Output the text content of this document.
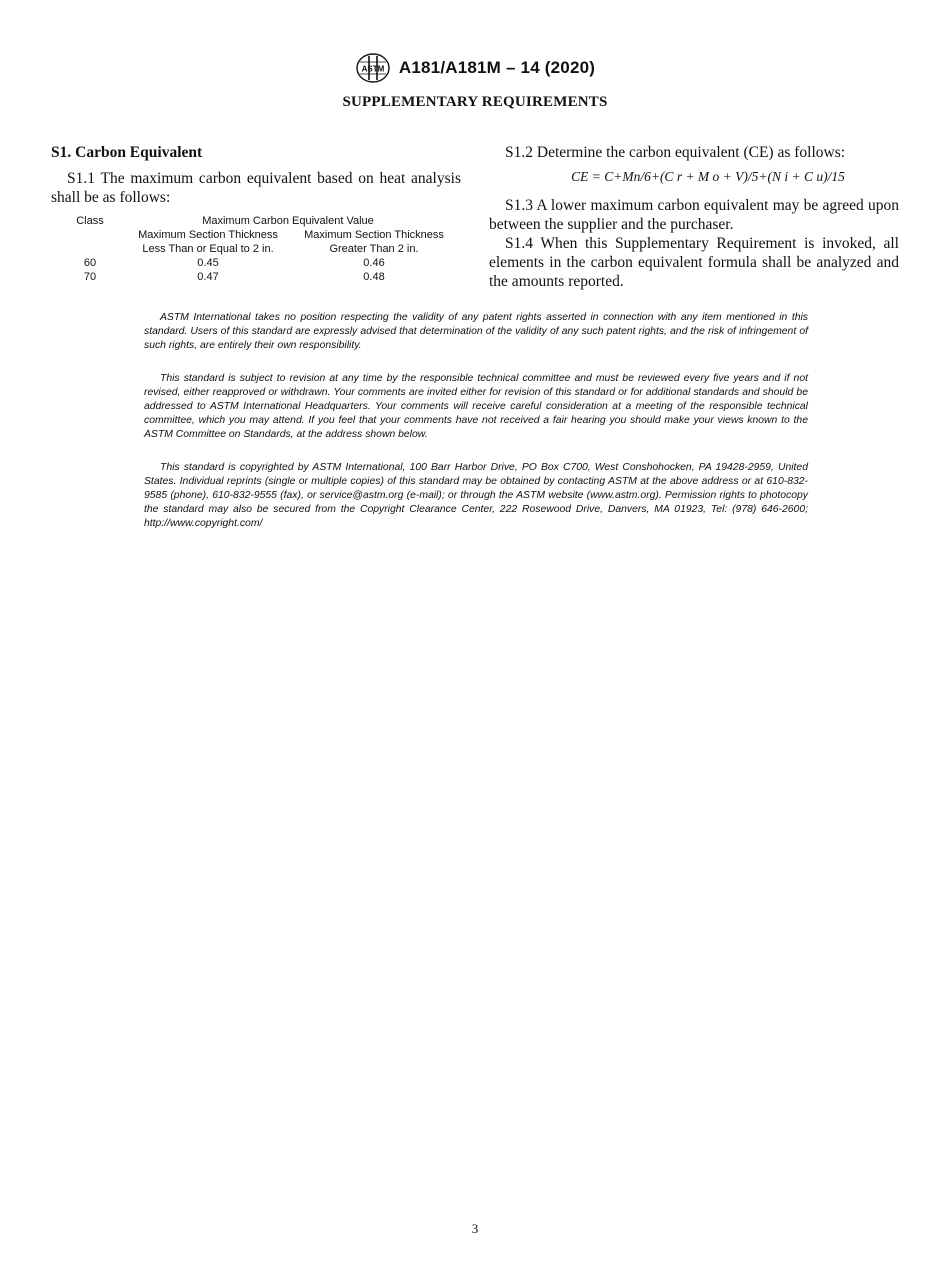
ASTM A181/A181M – 14 (2020)
SUPPLEMENTARY REQUIREMENTS
S1. Carbon Equivalent

S1.1 The maximum carbon equivalent based on heat analysis shall be as follows:

Class	Maximum Carbon Equivalent Value	
	Maximum Section Thickness	Maximum Section Thickness
	Less Than or Equal to 2 in.	Greater Than 2 in.
60	0.45	0.46
70	0.47	0.48

S1.2 Determine the carbon equivalent (CE) as follows:

CE = C+Mn/6+(C r + M o + V)/5+(N i + C u)/15

S1.3 A lower maximum carbon equivalent may be agreed upon between the supplier and the purchaser.

S1.4 When this Supplementary Requirement is invoked, all elements in the carbon equivalent formula shall be analyzed and the amounts reported.

ASTM International takes no position respecting the validity of any patent rights asserted in connection with any item mentioned in this standard. Users of this standard are expressly advised that determination of the validity of any such patent rights, and the risk of infringement of such rights, are entirely their own responsibility.

This standard is subject to revision at any time by the responsible technical committee and must be reviewed every five years and if not revised, either reapproved or withdrawn. Your comments are invited either for revision of this standard or for additional standards and should be addressed to ASTM International Headquarters. Your comments will receive careful consideration at a meeting of the responsible technical committee, which you may attend. If you feel that your comments have not received a fair hearing you should make your views known to the ASTM Committee on Standards, at the address shown below.

This standard is copyrighted by ASTM International, 100 Barr Harbor Drive, PO Box C700, West Conshohocken, PA 19428-2959, United States. Individual reprints (single or multiple copies) of this standard may be obtained by contacting ASTM at the above address or at 610-832-9585 (phone), 610-832-9555 (fax), or service@astm.org (e-mail); or through the ASTM website (www.astm.org). Permission rights to photocopy the standard may also be secured from the Copyright Clearance Center, 222 Rosewood Drive, Danvers, MA 01923, Tel: (978) 646-2600; http://www.copyright.com/

3
